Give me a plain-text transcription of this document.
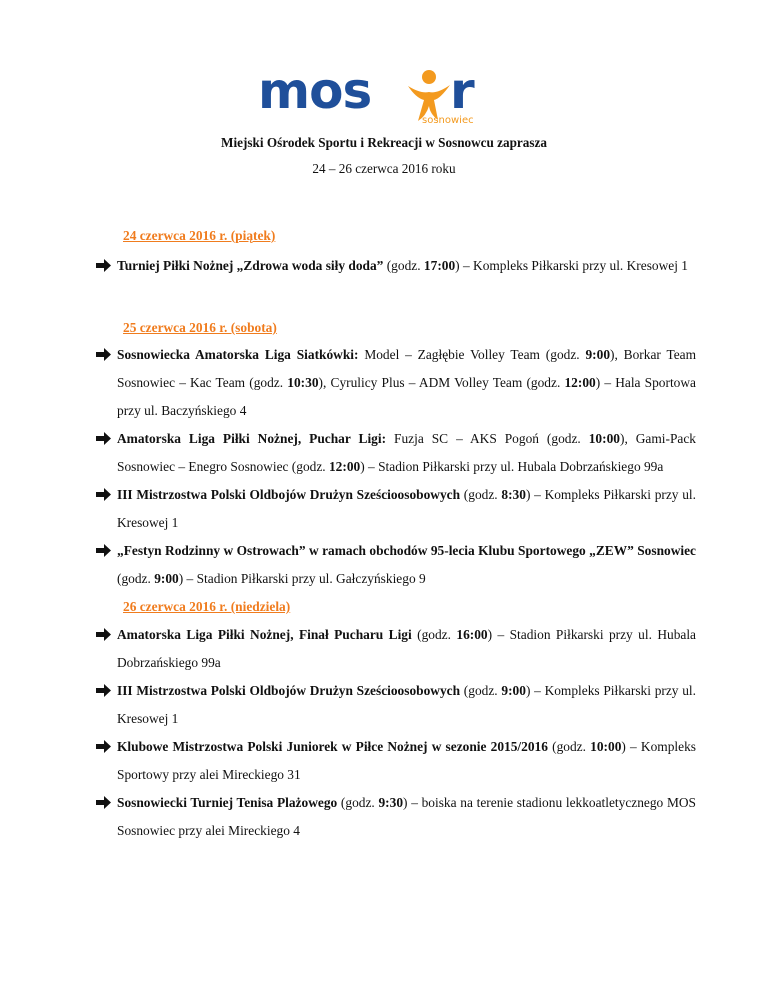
mos r
sosnowiec
Miejski Ośrodek Sportu i Rekreacji w Sosnowcu zaprasza
24 – 26 czerwca 2016 roku
24 czerwca 2016 r. (piątek)
Turniej Piłki Nożnej „Zdrowa woda siły doda” (godz. 17:00) – Kompleks Piłkarski przy ul. Kresowej 1
25 czerwca 2016 r. (sobota)
Sosnowiecka Amatorska Liga Siatkówki: Model – Zagłębie Volley Team (godz. 9:00), Borkar Team Sosnowiec – Kac Team (godz. 10:30), Cyrulicy Plus – ADM Volley Team (godz. 12:00) – Hala Sportowa przy ul. Baczyńskiego 4
Amatorska Liga Piłki Nożnej, Puchar Ligi: Fuzja SC – AKS Pogoń (godz. 10:00), Gami-Pack Sosnowiec – Enegro Sosnowiec (godz. 12:00) – Stadion Piłkarski przy ul. Hubala Dobrzańskiego 99a
III Mistrzostwa Polski Oldbojów Drużyn Sześcioosobowych (godz. 8:30) – Kompleks Piłkarski przy ul. Kresowej 1
„Festyn Rodzinny w Ostrowach” w ramach obchodów 95-lecia Klubu Sportowego „ZEW” Sosnowiec (godz. 9:00) – Stadion Piłkarski przy ul. Gałczyńskiego 9
26 czerwca 2016 r. (niedziela)
Amatorska Liga Piłki Nożnej, Finał Pucharu Ligi (godz. 16:00) – Stadion Piłkarski przy ul. Hubala Dobrzańskiego 99a
III Mistrzostwa Polski Oldbojów Drużyn Sześcioosobowych (godz. 9:00) – Kompleks Piłkarski przy ul. Kresowej 1
Klubowe Mistrzostwa Polski Juniorek w Piłce Nożnej w sezonie 2015/2016 (godz. 10:00) – Kompleks Sportowy przy alei Mireckiego 31
Sosnowiecki Turniej Tenisa Plażowego (godz. 9:30) – boiska na terenie stadionu lekkoatletycznego MOS Sosnowiec przy alei Mireckiego 4
